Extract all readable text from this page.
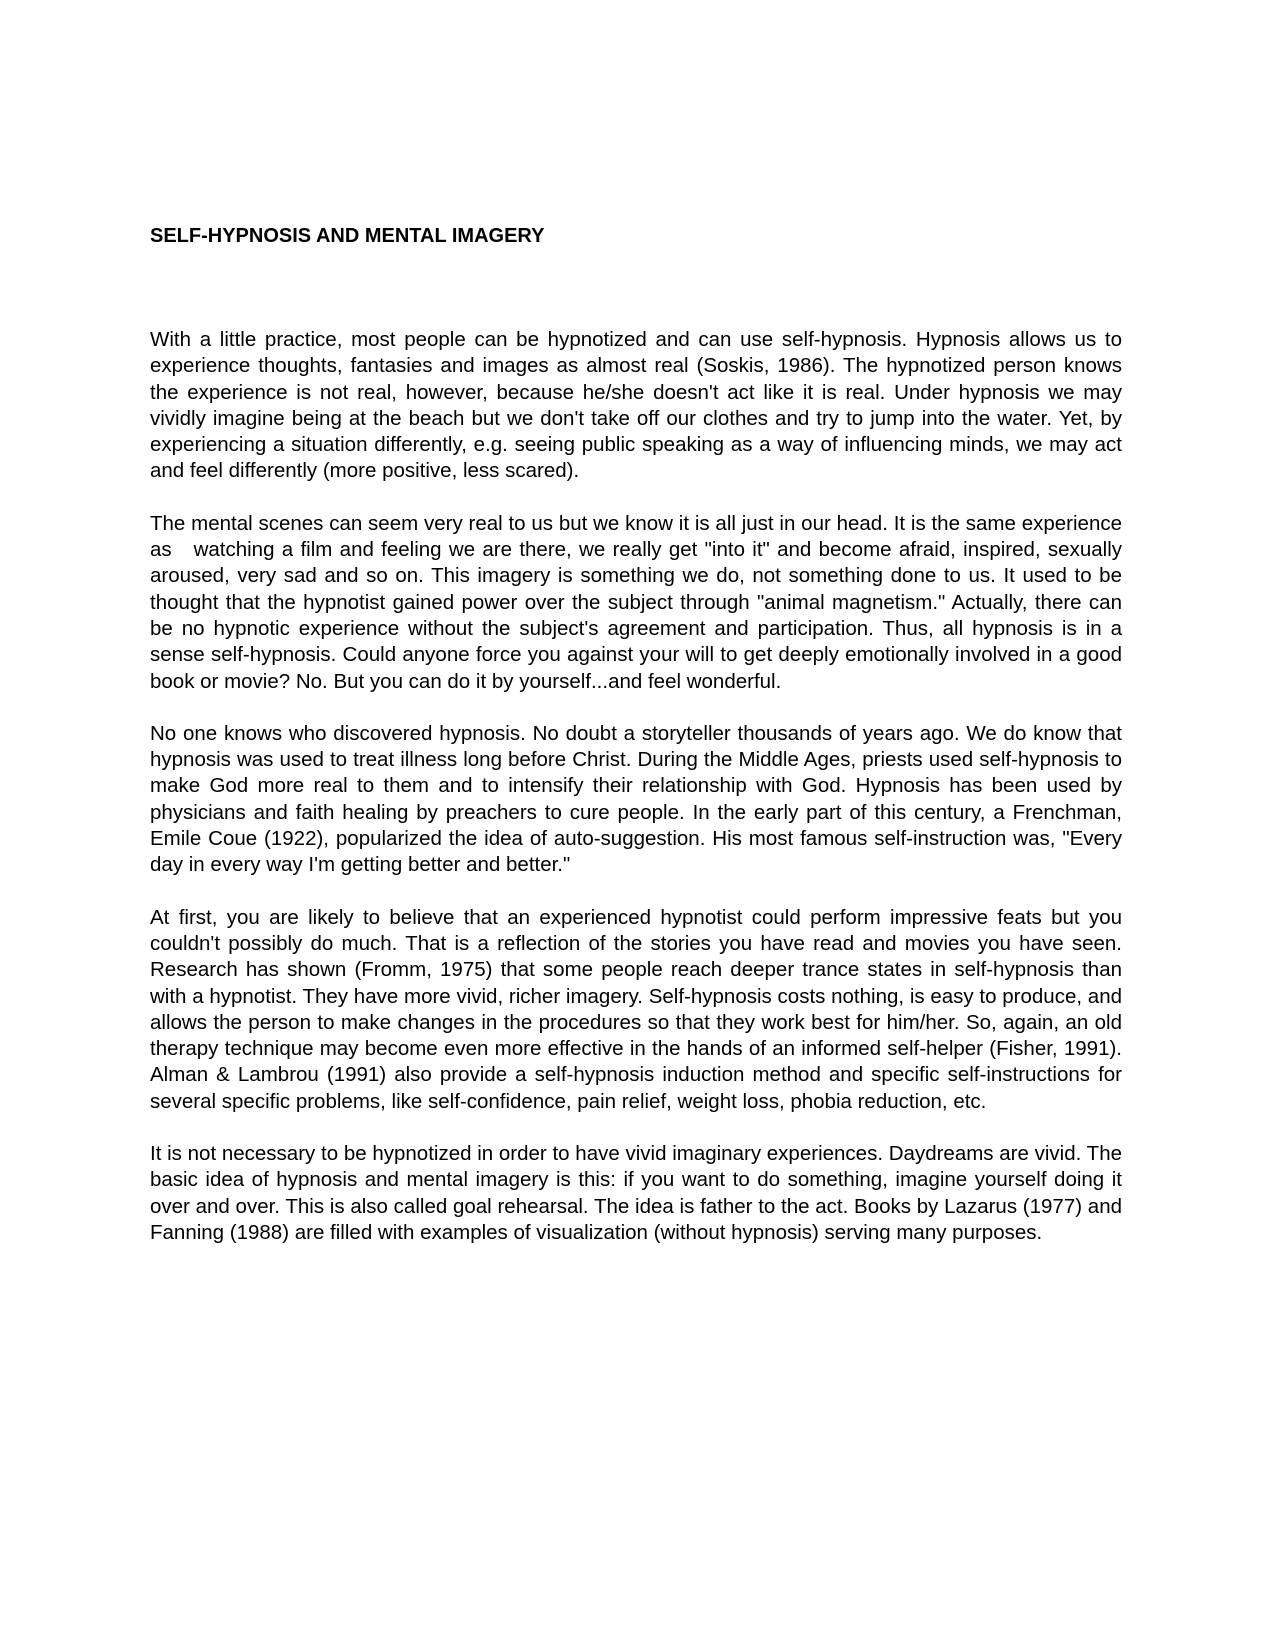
SELF-HYPNOSIS AND MENTAL IMAGERY

With a little practice, most people can be hypnotized and can use self-hypnosis. Hypnosis allows us to experience thoughts, fantasies and images as almost real (Soskis, 1986). The hypnotized person knows the experience is not real, however, because he/she doesn't act like it is real. Under hypnosis we may vividly imagine being at the beach but we don't take off our clothes and try to jump into the water. Yet, by experiencing a situation differently, e.g. seeing public speaking as a way of influencing minds, we may act and feel differently (more positive, less scared).

The mental scenes can seem very real to us but we know it is all just in our head. It is the same experience as   watching a film and feeling we are there, we really get "into it" and become afraid, inspired, sexually aroused, very sad and so on. This imagery is something we do, not something done to us. It used to be thought that the hypnotist gained power over the subject through "animal magnetism." Actually, there can be no hypnotic experience without the subject's agreement and participation. Thus, all hypnosis is in a sense self-hypnosis. Could anyone force you against your will to get deeply emotionally involved in a good book or movie? No. But you can do it by yourself...and feel wonderful.

No one knows who discovered hypnosis. No doubt a storyteller thousands of years ago. We do know that hypnosis was used to treat illness long before Christ. During the Middle Ages, priests used self-hypnosis to make God more real to them and to intensify their relationship with God. Hypnosis has been used by physicians and faith healing by preachers to cure people. In the early part of this century, a Frenchman, Emile Coue (1922), popularized the idea of auto-suggestion. His most famous self-instruction was, "Every day in every way I'm getting better and better."

At first, you are likely to believe that an experienced hypnotist could perform impressive feats but you couldn't possibly do much. That is a reflection of the stories you have read and movies you have seen. Research has shown (Fromm, 1975) that some people reach deeper trance states in self-hypnosis than with a hypnotist. They have more vivid, richer imagery. Self-hypnosis costs nothing, is easy to produce, and allows the person to make changes in the procedures so that they work best for him/her. So, again, an old therapy technique may become even more effective in the hands of an informed self-helper (Fisher, 1991). Alman & Lambrou (1991) also provide a self-hypnosis induction method and specific self-instructions for several specific problems, like self-confidence, pain relief, weight loss, phobia reduction, etc.

It is not necessary to be hypnotized in order to have vivid imaginary experiences. Daydreams are vivid. The basic idea of hypnosis and mental imagery is this: if you want to do something, imagine yourself doing it over and over. This is also called goal rehearsal. The idea is father to the act. Books by Lazarus (1977) and Fanning (1988) are filled with examples of visualization (without hypnosis) serving many purposes.
